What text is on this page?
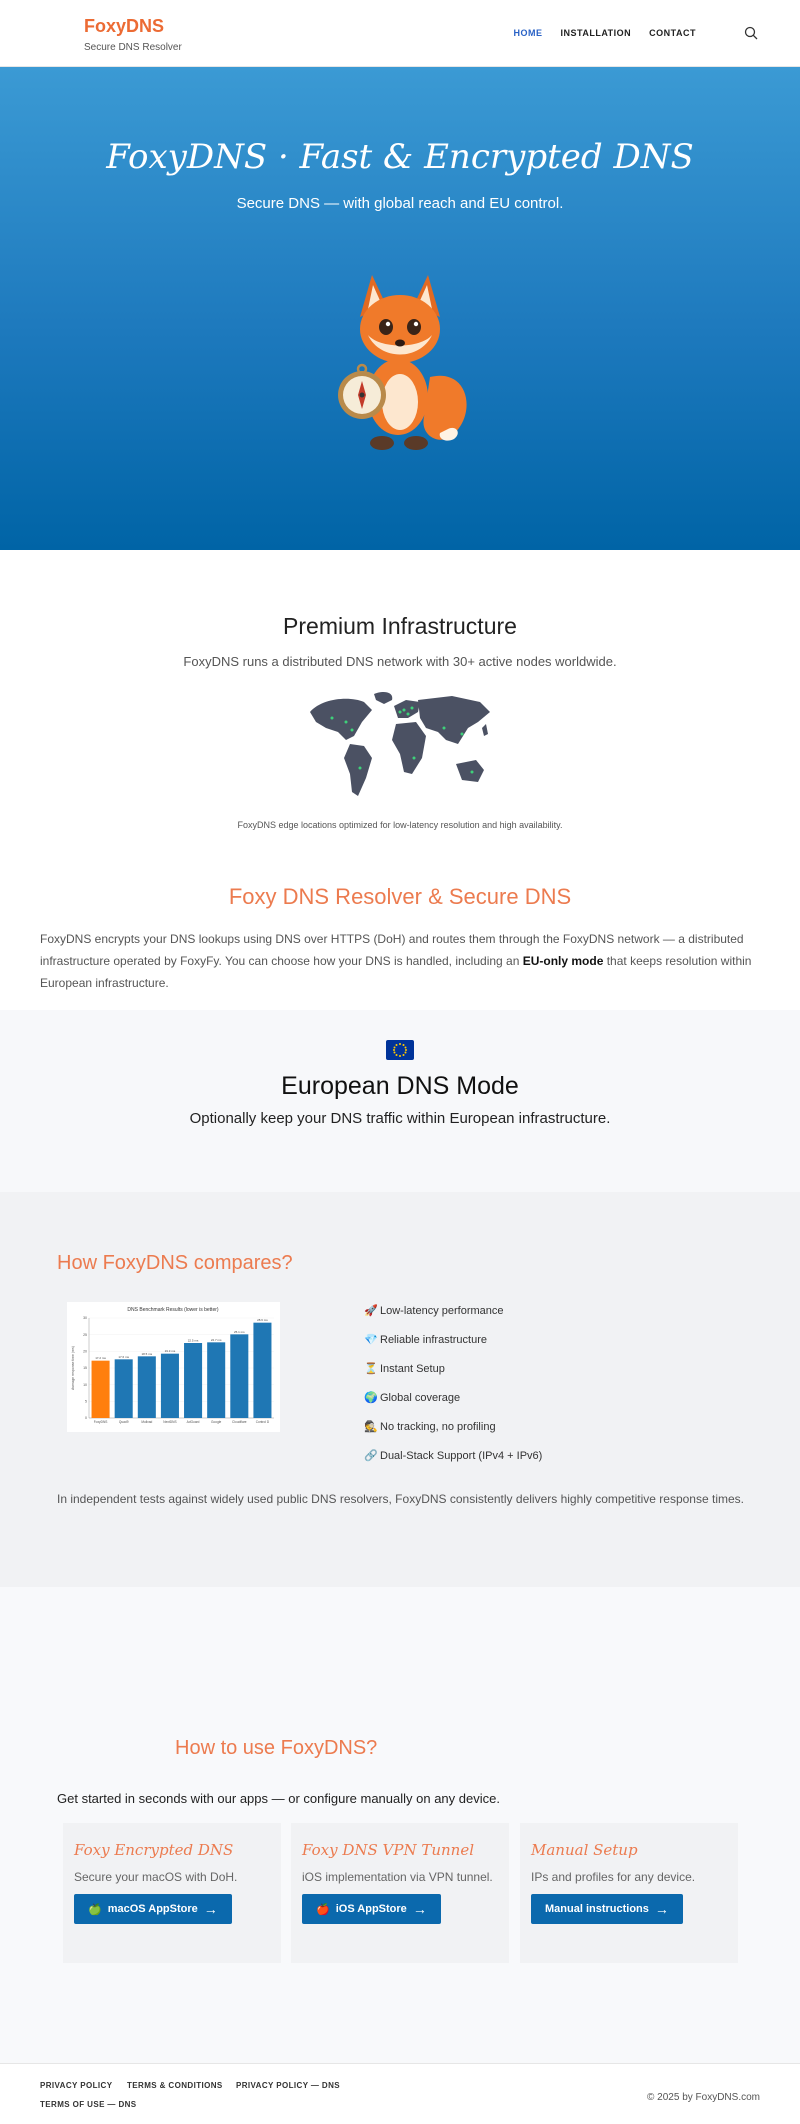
FoxyDNS
Secure DNS Resolver
HOME INSTALLATION CONTACT
FoxyDNS · Fast & Encrypted DNS

Secure DNS — with global reach and EU control.

Premium Infrastructure
FoxyDNS runs a distributed DNS network with 30+ active nodes worldwide.
FoxyDNS edge locations optimized for low-latency resolution and high availability.
Foxy DNS Resolver & Secure DNS

FoxyDNS encrypts your DNS lookups using DNS over HTTPS (DoH) and routes them through the FoxyDNS network — a distributed infrastructure operated by FoxyFy. You can choose how your DNS is handled, including an EU-only mode that keeps resolution within European infrastructure.

European DNS Mode
Optionally keep your DNS traffic within European infrastructure.
How FoxyDNS compares?
DNS Benchmark Results (lower is better)
Average response time (ms)
0
5
10
15
20
25
30
17.2 ms
FoxyDNS
17.6 ms
Quad9
18.5 ms
Mullvad
19.3 ms
NextDNS
22.5 ms
AdGuard
22.7 ms
Google
25.1 ms
Cloudflare
28.6 ms
Control D
🚀 Low-latency performance
💎 Reliable infrastructure
⏳ Instant Setup
🌍 Global coverage
🕵 No tracking, no profiling
🔗 Dual-Stack Support (IPv4 + IPv6)

In independent tests against widely used public DNS resolvers, FoxyDNS consistently delivers highly competitive response times.

How to use FoxyDNS?
Get started in seconds with our apps — or configure manually on any device.
Foxy Encrypted DNS

Secure your macOS with DoH.

🍏 macOS AppStore →
Foxy DNS VPN Tunnel

iOS implementation via VPN tunnel.

🍎 iOS AppStore →
Manual Setup

IPs and profiles for any device.

Manual instructions →
PRIVACY POLICY TERMS & CONDITIONS PRIVACY POLICY — DNS
TERMS OF USE — DNS
© 2025 by FoxyDNS.com
